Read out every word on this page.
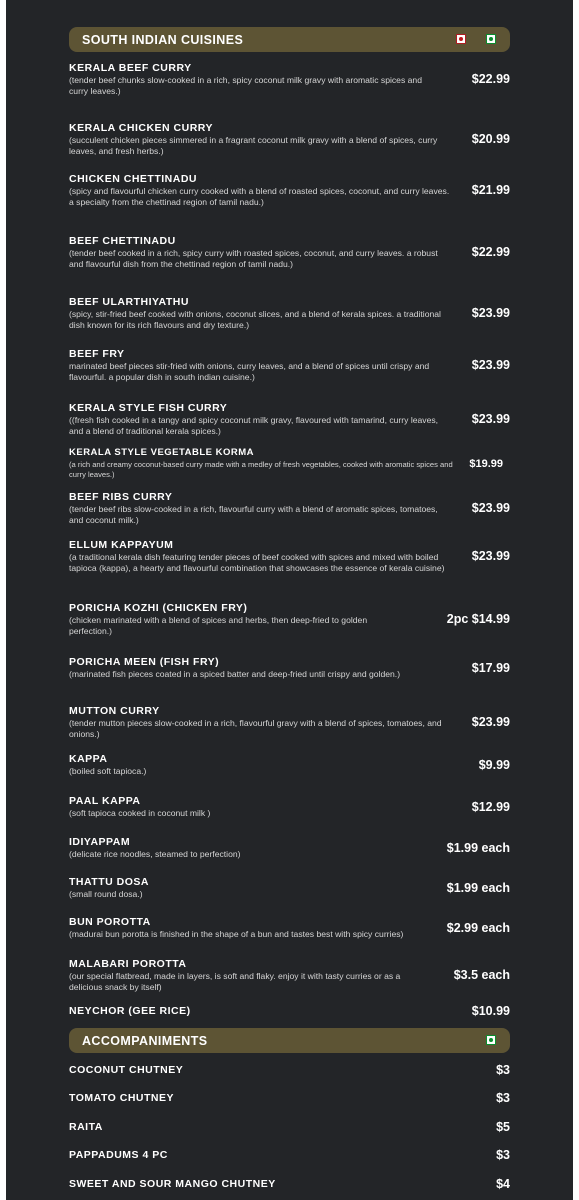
SOUTH INDIAN CUISINES
KERALA BEEF CURRY
(tender beef chunks slow-cooked in a rich, spicy coconut milk gravy with aromatic spices and
curry leaves.)
$22.99
KERALA CHICKEN CURRY
(succulent chicken pieces simmered in a fragrant coconut milk gravy with a blend of spices, curry leaves, and fresh herbs.)
$20.99
CHICKEN CHETTINADU
(spicy and flavourful chicken curry cooked with a blend of roasted spices, coconut, and curry leaves. a specialty from the chettinad region of tamil nadu.)
$21.99
BEEF CHETTINADU
(tender beef cooked in a rich, spicy curry with roasted spices, coconut, and curry leaves. a robust and flavourful dish from the chettinad region of tamil nadu.)
$22.99
BEEF ULARTHIYATHU
(spicy, stir-fried beef cooked with onions, coconut slices, and a blend of kerala spices. a traditional dish known for its rich flavours and dry texture.)
$23.99
BEEF FRY
marinated beef pieces stir-fried with onions, curry leaves, and a blend of spices until crispy and flavourful. a popular dish in south indian cuisine.)
$23.99
KERALA STYLE FISH CURRY
((fresh fish cooked in a tangy and spicy coconut milk gravy, flavoured with tamarind, curry leaves, and a blend of traditional kerala spices.)
$23.99
KERALA STYLE VEGETABLE KORMA
(a rich and creamy coconut-based curry made with a medley of fresh vegetables, cooked with aromatic spices and curry leaves.)
$19.99
BEEF RIBS CURRY
(tender beef ribs slow-cooked in a rich, flavourful curry with a blend of aromatic spices, tomatoes, and coconut milk.)
$23.99
ELLUM KAPPAYUM
(a traditional kerala dish featuring tender pieces of beef cooked with spices and mixed with boiled tapioca (kappa), a hearty and flavourful combination that showcases the essence of kerala cuisine)
$23.99
PORICHA KOZHI (CHICKEN FRY)
(chicken marinated with a blend of spices and herbs, then deep-fried to golden perfection.)
2pc $14.99
PORICHA MEEN (FISH FRY)
(marinated fish pieces coated in a spiced batter and deep-fried until crispy and golden.)	$17.99
MUTTON CURRY
(tender mutton pieces slow-cooked in a rich, flavourful gravy with a blend of spices, tomatoes, and onions.)
$23.99
KAPPA
(boiled soft tapioca.)	$9.99
PAAL KAPPA
(soft tapioca cooked in coconut milk )	$12.99
IDIYAPPAM
(delicate rice noodles, steamed to perfection)	$1.99 each
THATTU DOSA
(small round dosa.)	$1.99 each
BUN POROTTA
(madurai bun porotta is finished in the shape of a bun and tastes best with spicy curries)	$2.99 each
MALABARI POROTTA
(our special flatbread, made in layers, is soft and flaky. enjoy it with tasty curries or as a delicious snack by itself)
$3.5 each
NEYCHOR (GEE RICE)	$10.99
ACCOMPANIMENTS
COCONUT CHUTNEY	$3
TOMATO CHUTNEY	$3
RAITA	$5
PAPPADUMS 4 PC	$3
SWEET AND SOUR MANGO CHUTNEY	$4
